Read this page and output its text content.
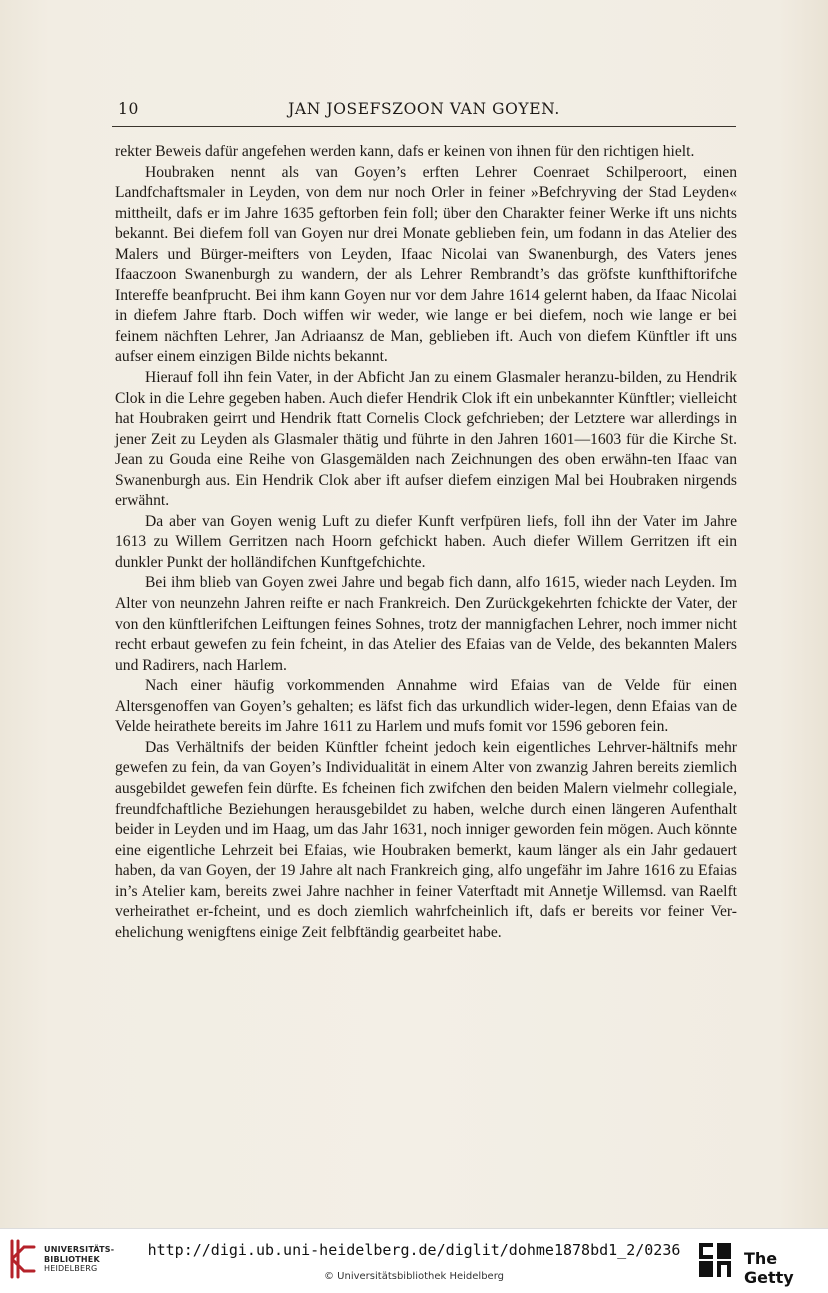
10	JAN JOSEFSZOON VAN GOYEN.

rekter Beweis dafür angefehen werden kann, dafs er keinen von ihnen für den richtigen hielt.

Houbraken nennt als van Goyen’s erften Lehrer Coenraet Schilperoort, einen Landfchaftsmaler in Leyden, von dem nur noch Orler in feiner »Befchryving der Stad Leyden« mittheilt, dafs er im Jahre 1635 geftorben fein foll; über den Charakter feiner Werke ift uns nichts bekannt. Bei diefem foll van Goyen nur drei Monate geblieben fein, um fodann in das Atelier des Malers und Bürger-meifters von Leyden, Ifaac Nicolai van Swanenburgh, des Vaters jenes Ifaaczoon Swanenburgh zu wandern, der als Lehrer Rembrandt’s das gröfste kunfthiftorifche Intereffe beanfprucht. Bei ihm kann Goyen nur vor dem Jahre 1614 gelernt haben, da Ifaac Nicolai in diefem Jahre ftarb. Doch wiffen wir weder, wie lange er bei diefem, noch wie lange er bei feinem nächften Lehrer, Jan Adriaansz de Man, geblieben ift. Auch von diefem Künftler ift uns aufser einem einzigen Bilde nichts bekannt.

Hierauf foll ihn fein Vater, in der Abficht Jan zu einem Glasmaler heranzu-bilden, zu Hendrik Clok in die Lehre gegeben haben. Auch diefer Hendrik Clok ift ein unbekannter Künftler; vielleicht hat Houbraken geirrt und Hendrik ftatt Cornelis Clock gefchrieben; der Letztere war allerdings in jener Zeit zu Leyden als Glasmaler thätig und führte in den Jahren 1601—1603 für die Kirche St. Jean zu Gouda eine Reihe von Glasgemälden nach Zeichnungen des oben erwähn-ten Ifaac van Swanenburgh aus. Ein Hendrik Clok aber ift aufser diefem einzigen Mal bei Houbraken nirgends erwähnt.

Da aber van Goyen wenig Luft zu diefer Kunft verfpüren liefs, foll ihn der Vater im Jahre 1613 zu Willem Gerritzen nach Hoorn gefchickt haben. Auch diefer Willem Gerritzen ift ein dunkler Punkt der holländifchen Kunftgefchichte.

Bei ihm blieb van Goyen zwei Jahre und begab fich dann, alfo 1615, wieder nach Leyden. Im Alter von neunzehn Jahren reifte er nach Frankreich. Den Zurückgekehrten fchickte der Vater, der von den künftlerifchen Leiftungen feines Sohnes, trotz der mannigfachen Lehrer, noch immer nicht recht erbaut gewefen zu fein fcheint, in das Atelier des Efaias van de Velde, des bekannten Malers und Radirers, nach Harlem.

Nach einer häufig vorkommenden Annahme wird Efaias van de Velde für einen Altersgenoffen van Goyen’s gehalten; es läfst fich das urkundlich wider-legen, denn Efaias van de Velde heirathete bereits im Jahre 1611 zu Harlem und mufs fomit vor 1596 geboren fein.

Das Verhältnifs der beiden Künftler fcheint jedoch kein eigentliches Lehrver-hältnifs mehr gewefen zu fein, da van Goyen’s Individualität in einem Alter von zwanzig Jahren bereits ziemlich ausgebildet gewefen fein dürfte. Es fcheinen fich zwifchen den beiden Malern vielmehr collegiale, freundfchaftliche Beziehungen herausgebildet zu haben, welche durch einen längeren Aufenthalt beider in Leyden und im Haag, um das Jahr 1631, noch inniger geworden fein mögen. Auch könnte eine eigentliche Lehrzeit bei Efaias, wie Houbraken bemerkt, kaum länger als ein Jahr gedauert haben, da van Goyen, der 19 Jahre alt nach Frankreich ging, alfo ungefähr im Jahre 1616 zu Efaias in’s Atelier kam, bereits zwei Jahre nachher in feiner Vaterftadt mit Annetje Willemsd. van Raelft verheirathet er-fcheint, und es doch ziemlich wahrfcheinlich ift, dafs er bereits vor feiner Ver-ehelichung wenigftens einige Zeit felbftändig gearbeitet habe.

UNIVERSITÄTS-
BIBLIOTHEK
HEIDELBERG
http://digi.ub.uni-heidelberg.de/diglit/dohme1878bd1_2/0236
© Universitätsbibliothek Heidelberg
The Getty
